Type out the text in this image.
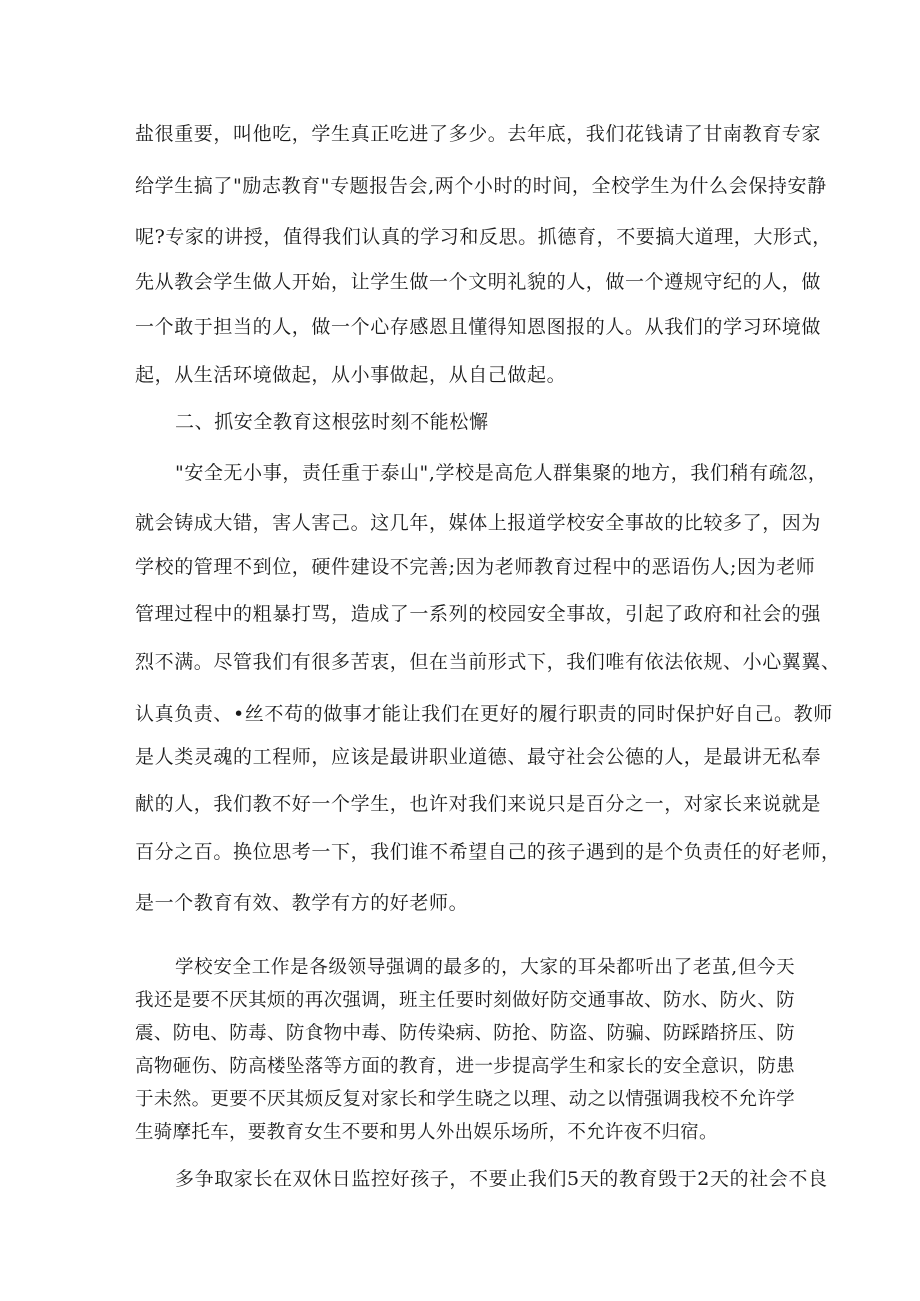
盐很重要，叫他吃，学生真正吃进了多少。去年底，我们花钱请了甘南教育专家
给学生搞了"励志教育"专题报告会,两个小时的时间，全校学生为什么会保持安静
呢?专家的讲授，值得我们认真的学习和反思。抓德育，不要搞大道理，大形式，
先从教会学生做人开始，让学生做一个文明礼貌的人，做一个遵规守纪的人，做
一个敢于担当的人，做一个心存感恩且懂得知恩图报的人。从我们的学习环境做
起，从生活环境做起，从小事做起，从自己做起。
二、抓安全教育这根弦时刻不能松懈
"安全无小事，责任重于泰山",学校是高危人群集聚的地方，我们稍有疏忽，
就会铸成大错，害人害己。这几年，媒体上报道学校安全事故的比较多了，因为
学校的管理不到位，硬件建设不完善;因为老师教育过程中的恶语伤人;因为老师
管理过程中的粗暴打骂，造成了一系列的校园安全事故，引起了政府和社会的强
烈不满。尽管我们有很多苦衷，但在当前形式下，我们唯有依法依规、小心翼翼、
认真负责、•丝不苟的做事才能让我们在更好的履行职责的同时保护好自己。教师
是人类灵魂的工程师，应该是最讲职业道德、最守社会公德的人，是最讲无私奉
献的人，我们教不好一个学生，也许对我们来说只是百分之一，对家长来说就是
百分之百。换位思考一下，我们谁不希望自己的孩子遇到的是个负责任的好老师，
是一个教育有效、教学有方的好老师。
学校安全工作是各级领导强调的最多的，大家的耳朵都听出了老茧,但今天
我还是要不厌其烦的再次强调，班主任要时刻做好防交通事故、防水、防火、防
震、防电、防毒、防食物中毒、防传染病、防抢、防盗、防骗、防踩踏挤压、防
高物砸伤、防高楼坠落等方面的教育，进一步提高学生和家长的安全意识，防患
于未然。更要不厌其烦反复对家长和学生晓之以理、动之以情强调我校不允许学
生骑摩托车，要教育女生不要和男人外出娱乐场所，不允许夜不归宿。
多争取家长在双休日监控好孩子，不要止我们5天的教育毁于2天的社会不良
